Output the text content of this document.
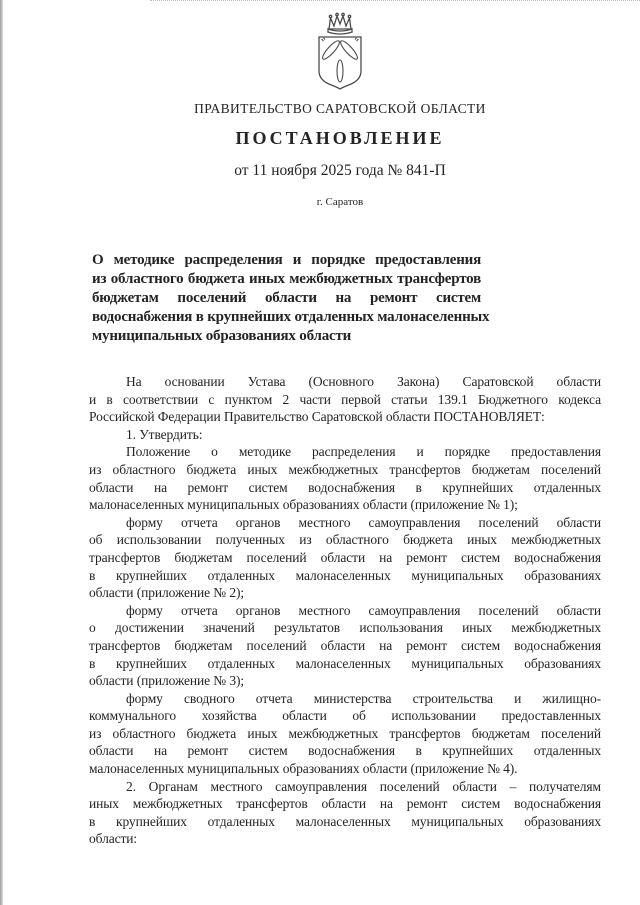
ПРАВИТЕЛЬСТВО САРАТОВСКОЙ ОБЛАСТИ
ПОСТАНОВЛЕНИЕ
от 11 ноября 2025 года № 841-П
г. Саратов
О методике распределения и порядке предоставления
из областного бюджета иных межбюджетных трансфертов
бюджетам поселений области на ремонт систем
водоснабжения в крупнейших отдаленных малонаселенных
муниципальных образованиях области
На основании Устава (Основного Закона) Саратовской области
и в соответствии с пунктом 2 части первой статьи 139.1 Бюджетного кодекса
Российской Федерации Правительство Саратовской области ПОСТАНОВЛЯЕТ:
1. Утвердить:
Положение о методике распределения и порядке предоставления
из областного бюджета иных межбюджетных трансфертов бюджетам поселений
области на ремонт систем водоснабжения в крупнейших отдаленных
малонаселенных муниципальных образованиях области (приложение № 1);
форму отчета органов местного самоуправления поселений области
об использовании полученных из областного бюджета иных межбюджетных
трансфертов бюджетам поселений области на ремонт систем водоснабжения
в крупнейших отдаленных малонаселенных муниципальных образованиях
области (приложение № 2);
форму отчета органов местного самоуправления поселений области
о достижении значений результатов использования иных межбюджетных
трансфертов бюджетам поселений области на ремонт систем водоснабжения
в крупнейших отдаленных малонаселенных муниципальных образованиях
области (приложение № 3);
форму сводного отчета министерства строительства и жилищно-
коммунального хозяйства области об использовании предоставленных
из областного бюджета иных межбюджетных трансфертов бюджетам поселений
области на ремонт систем водоснабжения в крупнейших отдаленных
малонаселенных муниципальных образованиях области (приложение № 4).
2. Органам местного самоуправления поселений области – получателям
иных межбюджетных трансфертов области на ремонт систем водоснабжения
в крупнейших отдаленных малонаселенных муниципальных образованиях
области:
